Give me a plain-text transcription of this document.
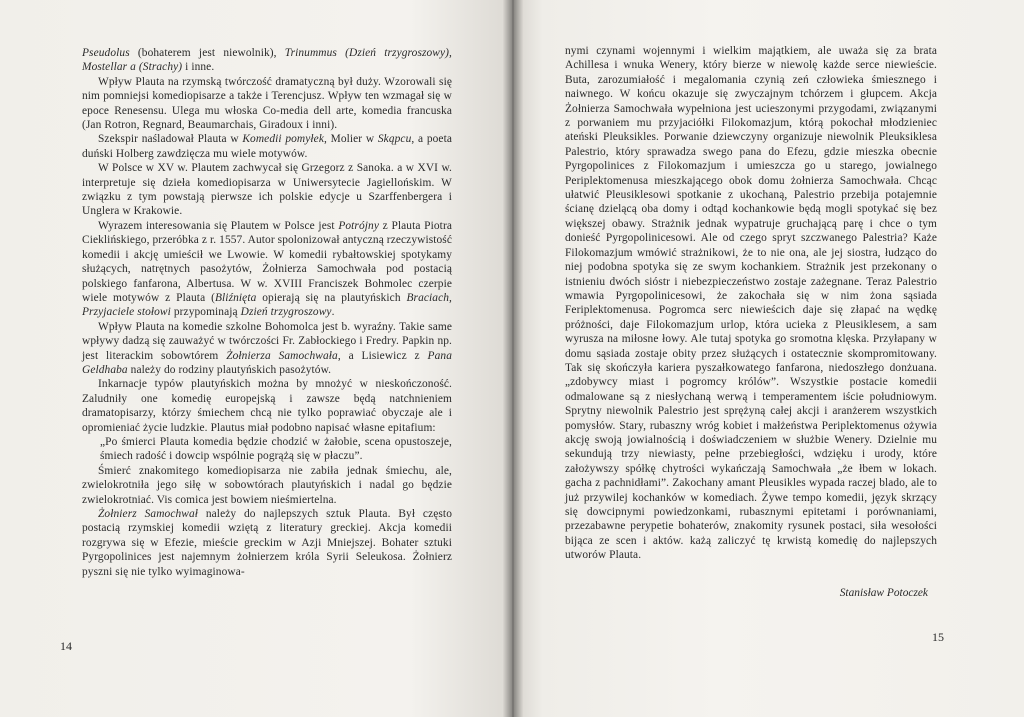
Pseudolus (bohaterem jest niewolnik), Trinummus (Dzień trzygroszowy), Mostellar a (Strachy) i inne.

Wpływ Plauta na rzymską twórczość dramatyczną był duży. Wzorowali się nim pomniejsi komediopisarze a także i Terencjusz. Wpływ ten wzmagał się w epoce Renesensu. Ulega mu włoska Co-media dell arte, komedia francuska (Jan Rotron, Regnard, Beaumarchais, Giradoux i inni).

Szekspir naśladował Plauta w Komedii pomyłek, Molier w Skąpcu, a poeta duński Holberg zawdzięcza mu wiele motywów.

W Polsce w XV w. Plautem zachwycał się Grzegorz z Sanoka. a w XVI w. interpretuje się dzieła komediopisarza w Uniwersytecie Jagiellońskim. W związku z tym powstają pierwsze ich polskie edycje u Szarffenbergera i Unglera w Krakowie.

Wyrazem interesowania się Plautem w Polsce jest Potrójny z Plauta Piotra Cieklińskiego, przeróbka z r. 1557. Autor spolonizował antyczną rzeczywistość komedii i akcję umieścił we Lwowie. W komedii rybałtowskiej spotykamy służących, natrętnych pasożytów, Żołnierza Samochwała pod postacią polskiego fanfarona, Albertusa. W w. XVIII Franciszek Bohmolec czerpie wiele motywów z Plauta (Bliźnięta opierają się na plautyńskich Braciach, Przyjaciele stołowi przypominają Dzień trzygroszowy.

Wpływ Plauta na komedie szkolne Bohomolca jest b. wyraźny. Takie same wpływy dadzą się zauważyć w twórczości Fr. Zabłockiego i Fredry. Papkin np. jest literackim sobowtórem Żołnierza Samochwała, a Lisiewicz z Pana Geldhaba należy do rodziny plautyńskich pasożytów.

Inkarnacje typów plautyńskich można by mnożyć w nieskończoność. Zaludniły one komedię europejską i zawsze będą natchnieniem dramatopisarzy, którzy śmiechem chcą nie tylko poprawiać obyczaje ale i opromieniać życie ludzkie. Plautus miał podobno napisać własne epitafium:

„Po śmierci Plauta komedia będzie chodzić w żałobie, scena opustoszeje, śmiech radość i dowcip wspólnie pogrążą się w płaczu”.

Śmierć znakomitego komediopisarza nie zabiła jednak śmiechu, ale, zwielokrotniła jego siłę w sobowtórach plautyńskich i nadal go będzie zwielokrotniać. Vis comica jest bowiem nieśmiertelna.

Żołnierz Samochwał należy do najlepszych sztuk Plauta. Był często postacią rzymskiej komedii wziętą z literatury greckiej. Akcja komedii rozgrywa się w Efezie, mieście greckim w Azji Mniejszej. Bohater sztuki Pyrgopolinices jest najemnym żołnierzem króla Syrii Seleukosa. Żołnierz pyszni się nie tylko wyimaginowa-

14

nymi czynami wojennymi i wielkim majątkiem, ale uważa się za brata Achillesa i wnuka Wenery, który bierze w niewolę każde serce niewieście. Buta, zarozumiałość i megalomania czynią zeń człowieka śmiesznego i naiwnego. W końcu okazuje się zwyczajnym tchórzem i głupcem. Akcja Żołnierza Samochwała wypełniona jest ucieszonymi przygodami, związanymi z porwaniem mu przyjaciółki Filokomazjum, którą pokochał młodzieniec ateński Pleuksikles. Porwanie dziewczyny organizuje niewolnik Pleuksiklesa Palestrio, który sprawadza swego pana do Efezu, gdzie mieszka obecnie Pyrgopolinices z Filokomazjum i umieszcza go u starego, jowialnego Periplektomenusa mieszkającego obok domu żołnierza Samochwała. Chcąc ułatwić Pleusiklesowi spotkanie z ukochaną, Palestrio przebija potajemnie ścianę dzielącą oba domy i odtąd kochankowie będą mogli spotykać się bez większej obawy. Strażnik jednak wypatruje gruchającą parę i chce o tym donieść Pyrgopolinicesowi. Ale od czego spryt szczwanego Palestria? Każe Filokomazjum wmówić strażnikowi, że to nie ona, ale jej siostra, łudząco do niej podobna spotyka się ze swym kochankiem. Strażnik jest przekonany o istnieniu dwóch sióstr i niebezpieczeństwo zostaje zażegnane. Teraz Palestrio wmawia Pyrgopolinicesowi, że zakochała się w nim żona sąsiada Feriplektomenusa. Pogromca serc niewieścich daje się złapać na wędkę próżności, daje Filokomazjum urlop, która ucieka z Pleusiklesem, a sam wyrusza na miłosne łowy. Ale tutaj spotyka go sromotna klęska. Przyłapany w domu sąsiada zostaje obity przez służących i ostatecznie skompromitowany. Tak się skończyła kariera pyszałkowatego fanfarona, niedoszłego donżuana. „zdobywcy miast i pogromcy królów”. Wszystkie postacie komedii odmalowane są z niesłychaną werwą i temperamentem iście południowym. Sprytny niewolnik Palestrio jest sprężyną całej akcji i aranżerem wszystkich pomysłów. Stary, rubaszny wróg kobiet i małżeństwa Periplektomenus ożywia akcję swoją jowialnością i doświadczeniem w służbie Wenery. Dzielnie mu sekundują trzy niewiasty, pełne przebiegłości, wdzięku i urody, które założywszy spółkę chytrości wykańczają Samochwała „że łbem w lokach. gacha z pachnidłami”. Zakochany amant Pleusikles wypada raczej blado, ale to już przywilej kochanków w komediach. Żywe tempo komedii, język skrzący się dowcipnymi powiedzonkami, rubasznymi epitetami i porównaniami, przezabawne perypetie bohaterów, znakomity rysunek postaci, siła wesołości bijąca ze scen i aktów. każą zaliczyć tę krwistą komedię do najlepszych utworów Plauta.

Stanisław Potoczek
15
